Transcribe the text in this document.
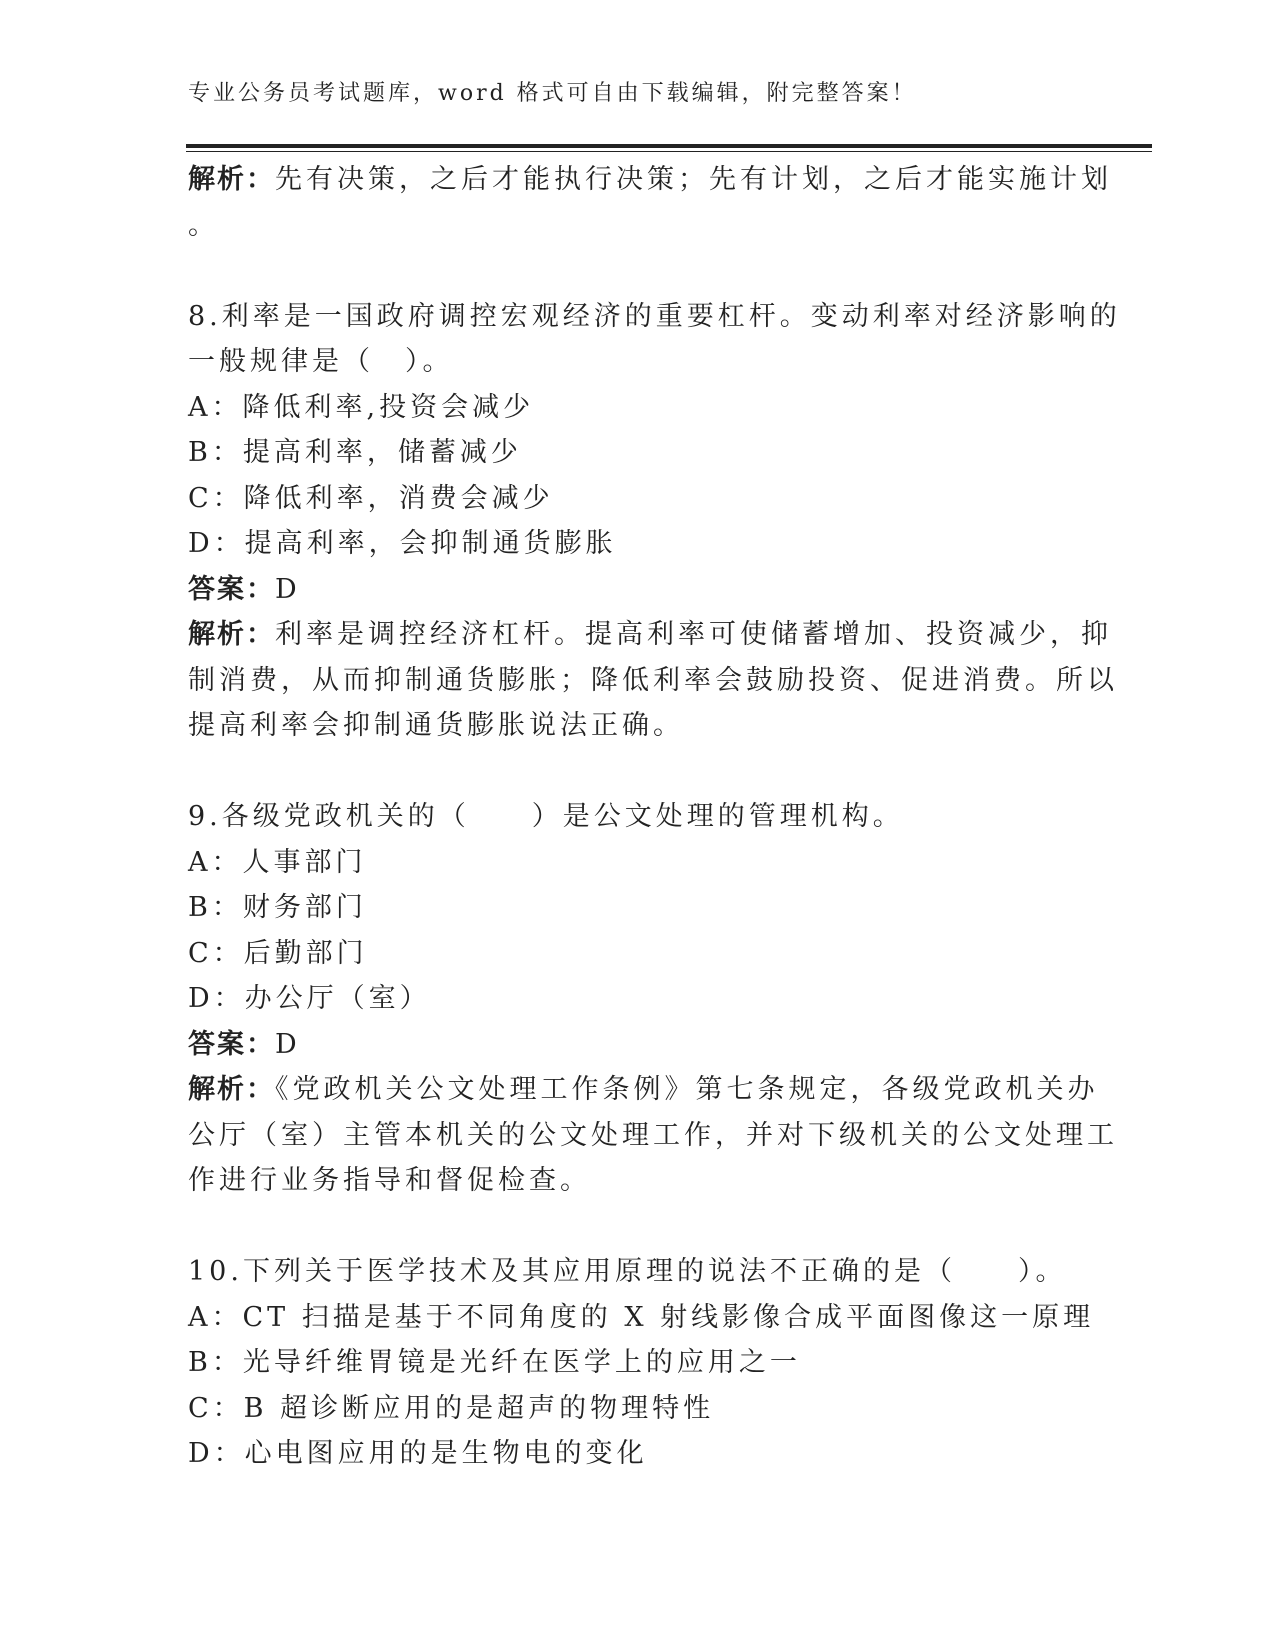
专业公务员考试题库，word 格式可自由下载编辑，附完整答案！
解析：先有决策，之后才能执行决策；先有计划，之后才能实施计划
。
8.利率是一国政府调控宏观经济的重要杠杆。变动利率对经济影响的
一般规律是（　）。
A：降低利率,投资会减少
B：提高利率，储蓄减少
C：降低利率，消费会减少
D：提高利率，会抑制通货膨胀
答案：D
解析：利率是调控经济杠杆。提高利率可使储蓄增加、投资减少，抑
制消费，从而抑制通货膨胀；降低利率会鼓励投资、促进消费。所以
提高利率会抑制通货膨胀说法正确。
9.各级党政机关的（　　）是公文处理的管理机构。
A：人事部门
B：财务部门
C：后勤部门
D：办公厅（室）
答案：D
解析：《党政机关公文处理工作条例》第七条规定，各级党政机关办
公厅（室）主管本机关的公文处理工作，并对下级机关的公文处理工
作进行业务指导和督促检查。
10.下列关于医学技术及其应用原理的说法不正确的是（　　）。
A：CT 扫描是基于不同角度的 X 射线影像合成平面图像这一原理
B：光导纤维胃镜是光纤在医学上的应用之一
C：B 超诊断应用的是超声的物理特性
D：心电图应用的是生物电的变化
